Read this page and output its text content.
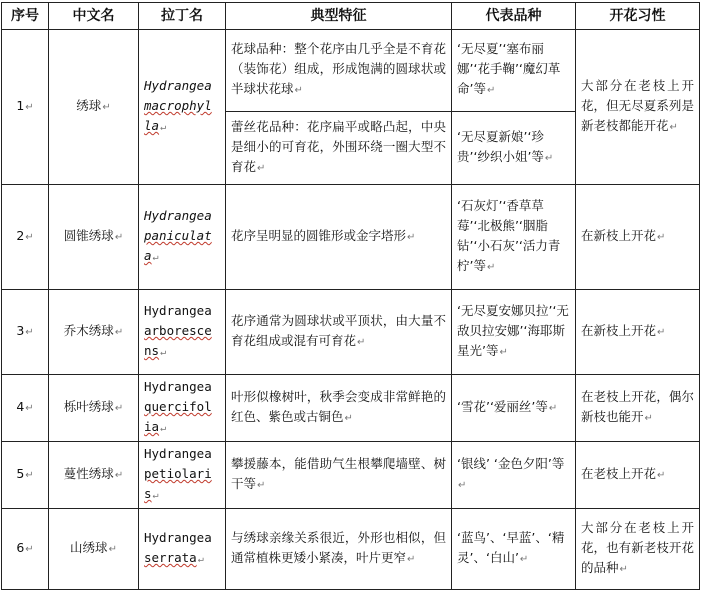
序号	中文名	拉丁名	典型特征	代表品种	开花习性
1↵	绣球↵	Hydrangea
macrophyl
la↵	花球品种：整个花序由几乎全是不育花（装饰花）组成，形成饱满的圆球状或半球状花球↵	‘无尽夏’‘塞布丽娜’‘花手鞠’‘魔幻革命’等↵	大部分在老枝上开花，但无尽夏系列是新老枝都能开花↵
			蕾丝花品种：花序扁平或略凸起，中央是细小的可育花，外围环绕一圈大型不育花↵	‘无尽夏新娘’‘珍贵’‘纱织小姐’等↵	
2↵	圆锥绣球↵	Hydrangea
paniculat
a↵	花序呈明显的圆锥形或金字塔形↵	‘石灰灯’‘香草草莓’‘北极熊’‘胭脂钻’‘小石灰’‘活力青柠’等↵	在新枝上开花↵
3↵	乔木绣球↵	Hydrangea
arboresce
ns↵	花序通常为圆球状或平顶状，由大量不育花组成或混有可育花↵	‘无尽夏安娜贝拉’‘无敌贝拉安娜’‘海耶斯星光’等↵	在新枝上开花↵
4↵	栎叶绣球↵	Hydrangea
quercifol
ia↵	叶形似橡树叶，秋季会变成非常鲜艳的红色、紫色或古铜色↵	‘雪花’‘爱丽丝’等↵	在老枝上开花，偶尔新枝也能开↵
5↵	蔓性绣球↵	Hydrangea
petiolari
s↵	攀援藤本，能借助气生根攀爬墙壁、树干等↵	‘银线’ ‘金色夕阳’等↵	在老枝上开花↵
6↵	山绣球↵	Hydrangea
serrata↵	与绣球亲缘关系很近，外形也相似，但通常植株更矮小紧凑，叶片更窄↵	‘蓝鸟’、‘早蓝’、‘精灵’、‘白山’↵	大部分在老枝上开花，也有新老枝开花的品种↵
